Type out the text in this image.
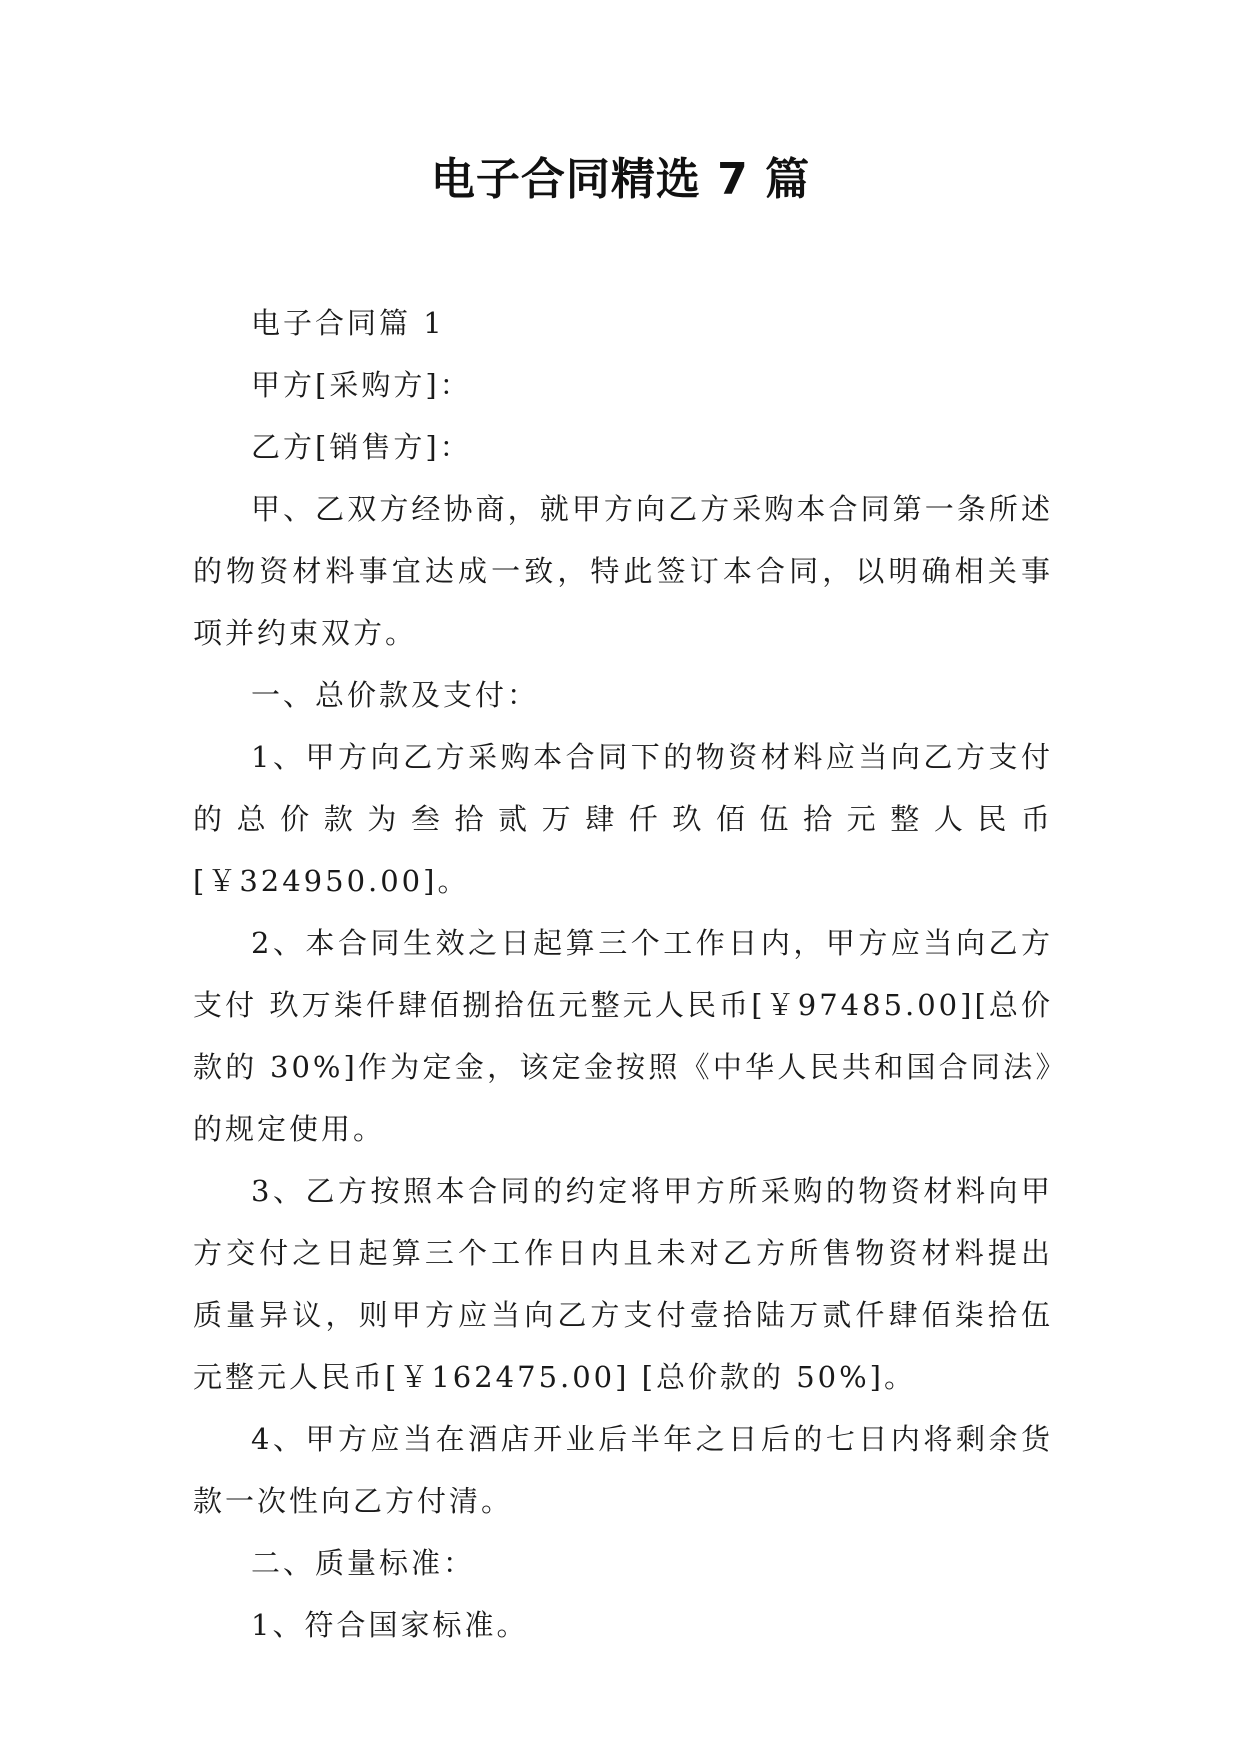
电子合同精选 7 篇

电子合同篇 1

甲方[采购方]：

乙方[销售方]：

甲、乙双方经协商，就甲方向乙方采购本合同第一条所述的物资材料事宜达成一致，特此签订本合同，以明确相关事项并约束双方。

一、总价款及支付：

1、甲方向乙方采购本合同下的物资材料应当向乙方支付的总价款为叁拾贰万肆仟玖佰伍拾元整人民币[￥324950.00]。

2、本合同生效之日起算三个工作日内，甲方应当向乙方支付 玖万柒仟肆佰捌拾伍元整元人民币[￥97485.00][总价款的 30%]作为定金，该定金按照《中华人民共和国合同法》的规定使用。

3、乙方按照本合同的约定将甲方所采购的物资材料向甲方交付之日起算三个工作日内且未对乙方所售物资材料提出质量异议，则甲方应当向乙方支付壹拾陆万贰仟肆佰柒拾伍元整元人民币[￥162475.00] [总价款的 50%]。

4、甲方应当在酒店开业后半年之日后的七日内将剩余货款一次性向乙方付清。

二、质量标准：

1、符合国家标准。
